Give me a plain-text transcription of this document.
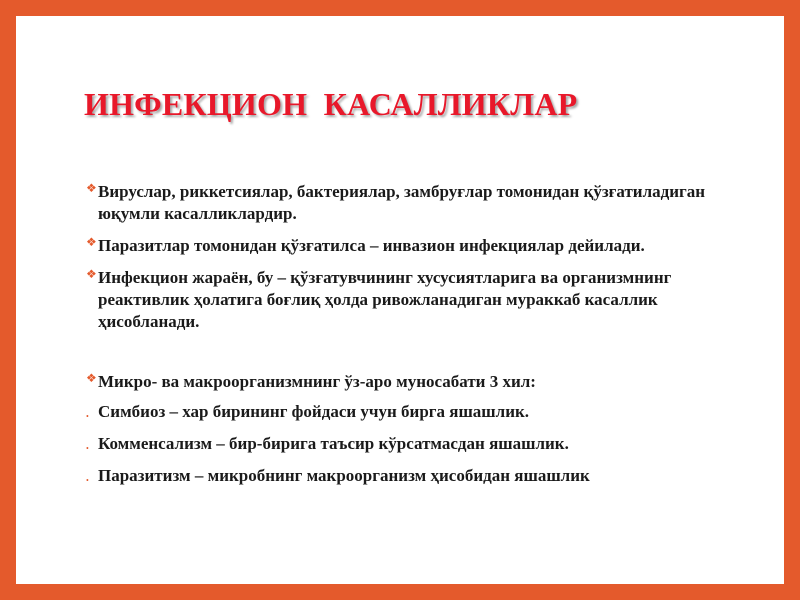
ИНФЕКЦИОН  КАСАЛЛИКЛАР

❖ Вируслар, риккетсиялар, бактериялар, замбруғлар томонидан қўзғатиладиган юқумли касалликлардир.

❖ Паразитлар томонидан қўзғатилса – инвазион инфекциялар дейилади.

❖ Инфекцион жараён, бу – қўзғатувчининг хусусиятларига ва организмнинг реактивлик ҳолатига боғлиқ ҳолда ривожланадиган мураккаб касаллик ҳисобланади.

❖ Микро- ва макроорганизмнинг ўз-аро муносабати 3 хил:

• Симбиоз – хар бирининг фойдаси учун бирга яшашлик.

• Комменсализм – бир-бирига таъсир кўрсатмасдан яшашлик.

• Паразитизм – микробнинг макроорганизм ҳисобидан яшашлик
